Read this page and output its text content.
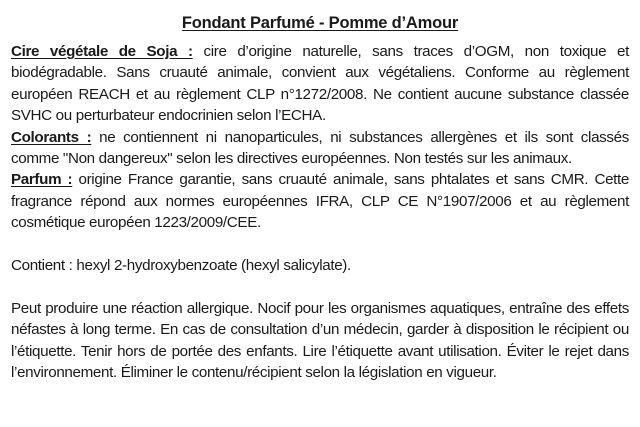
Fondant Parfumé - Pomme d’Amour

Cire végétale de Soja : cire d’origine naturelle, sans traces d’OGM, non toxique et biodégradable. Sans cruauté animale, convient aux végétaliens. Conforme au règlement européen REACH et au règlement CLP n°1272/2008. Ne contient aucune substance classée SVHC ou perturbateur endocrinien selon l’ECHA.

Colorants : ne contiennent ni nanoparticules, ni substances allergènes et ils sont classés comme "Non dangereux" selon les directives européennes. Non testés sur les animaux.

Parfum : origine France garantie, sans cruauté animale, sans phtalates et sans CMR. Cette fragrance répond aux normes européennes IFRA, CLP CE N°1907/2006 et au règlement cosmétique européen 1223/2009/CEE.

Contient : hexyl 2-hydroxybenzoate (hexyl salicylate).

Peut produire une réaction allergique. Nocif pour les organismes aquatiques, entraîne des effets néfastes à long terme. En cas de consultation d’un médecin, garder à disposition le récipient ou l’étiquette. Tenir hors de portée des enfants. Lire l’étiquette avant utilisation. Éviter le rejet dans l’environnement. Éliminer le contenu/récipient selon la législation en vigueur.
